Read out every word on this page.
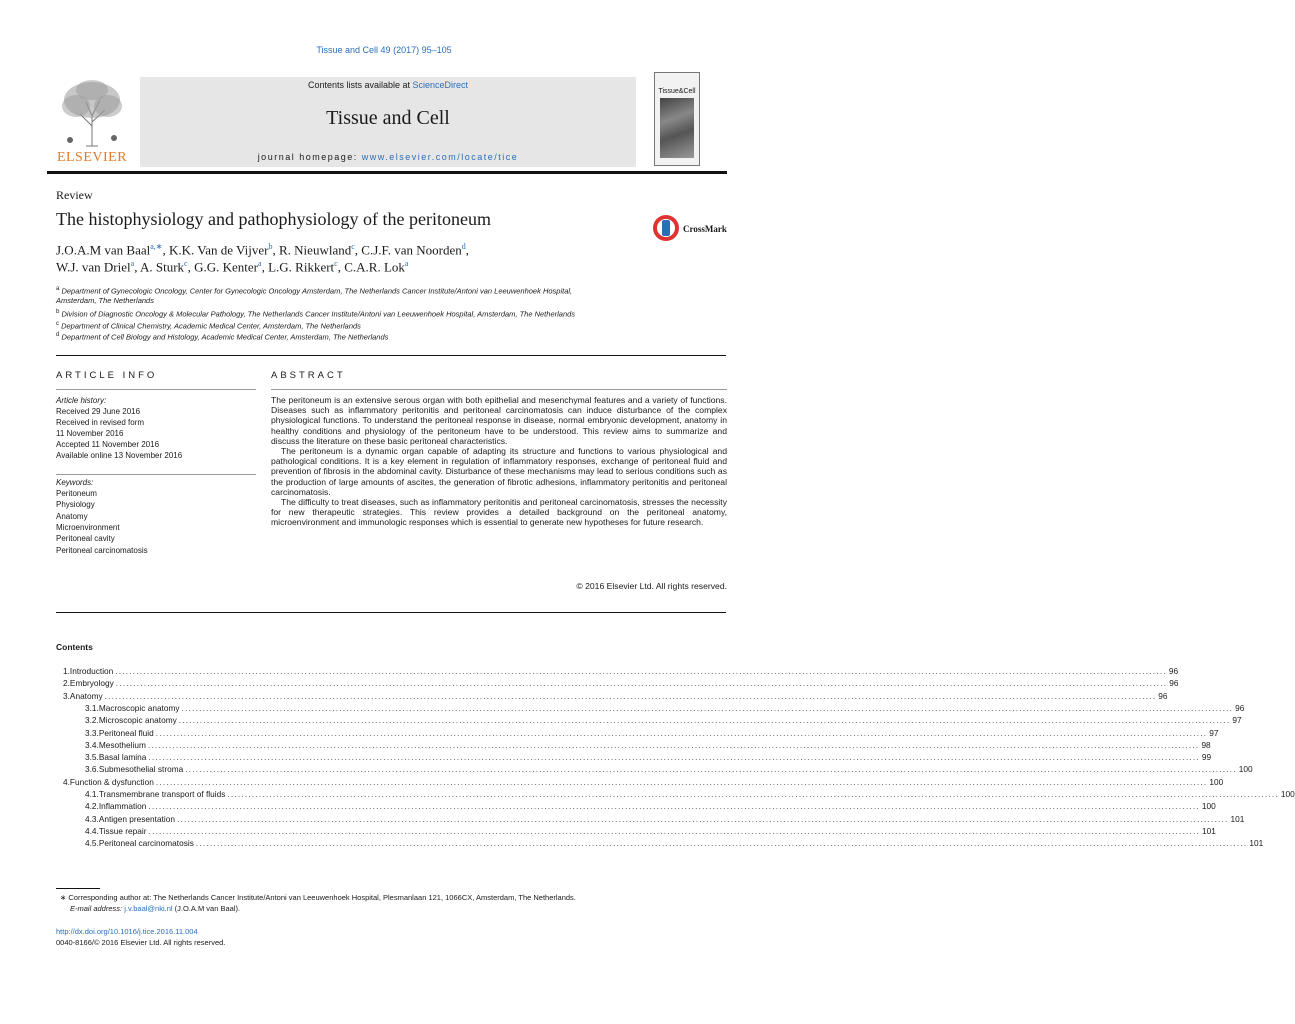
Tissue and Cell 49 (2017) 95–105
ELSEVIER
Contents lists available at ScienceDirect
Tissue and Cell
journal homepage: www.elsevier.com/locate/tice
Tissue&Cell
Review
The histophysiology and pathophysiology of the peritoneum	CrossMark
J.O.A.M van Baal$^{a,∗}$, K.K. Van de Vijver$^b$, R. Nieuwland$^c$, C.J.F. van Noorden$^d$,
W.J. van Driel$^a$, A. Sturk$^c$, G.G. Kenter$^a$, L.G. Rikkert$^c$, C.A.R. Lok$^a$
$^a$ Department of Gynecologic Oncology, Center for Gynecologic Oncology Amsterdam, The Netherlands Cancer Institute/Antoni van Leeuwenhoek Hospital,
Amsterdam, The Netherlands
$^b$ Division of Diagnostic Oncology & Molecular Pathology, The Netherlands Cancer Institute/Antoni van Leeuwenhoek Hospital, Amsterdam, The Netherlands
$^c$ Department of Clinical Chemistry, Academic Medical Center, Amsterdam, The Netherlands
$^d$ Department of Cell Biology and Histology, Academic Medical Center, Amsterdam, The Netherlands
ARTICLE INFO
Article history:
Received 29 June 2016
Received in revised form
11 November 2016
Accepted 11 November 2016
Available online 13 November 2016
Keywords:
Peritoneum
Physiology
Anatomy
Microenvironment
Peritoneal cavity
Peritoneal carcinomatosis
ABSTRACT

The peritoneum is an extensive serous organ with both epithelial and mesenchymal features and a variety of functions. Diseases such as inflammatory peritonitis and peritoneal carcinomatosis can induce disturbance of the complex physiological functions. To understand the peritoneal response in disease, normal embryonic development, anatomy in healthy conditions and physiology of the peritoneum have to be understood. This review aims to summarize and discuss the literature on these basic peritoneal characteristics.

The peritoneum is a dynamic organ capable of adapting its structure and functions to various physiological and pathological conditions. It is a key element in regulation of inflammatory responses, exchange of peritoneal fluid and prevention of fibrosis in the abdominal cavity. Disturbance of these mechanisms may lead to serious conditions such as the production of large amounts of ascites, the generation of fibrotic adhesions, inflammatory peritonitis and peritoneal carcinomatosis.

The difficulty to treat diseases, such as inflammatory peritonitis and peritoneal carcinomatosis, stresses the necessity for new therapeutic strategies. This review provides a detailed background on the peritoneal anatomy, microenvironment and immunologic responses which is essential to generate new hypotheses for future research.

© 2016 Elsevier Ltd. All rights reserved.
Contents
1. Introduction ............................................................................................................................................................................................................................................................................................................ 96
2. Embryology ............................................................................................................................................................................................................................................................................................................ 96
3. Anatomy ............................................................................................................................................................................................................................................................................................................ 96
3.1. Macroscopic anatomy ............................................................................................................................................................................................................................................................................................................ 96
3.2. Microscopic anatomy ............................................................................................................................................................................................................................................................................................................ 97
3.3. Peritoneal fluid ............................................................................................................................................................................................................................................................................................................ 97
3.4. Mesothelium ............................................................................................................................................................................................................................................................................................................ 98
3.5. Basal lamina ............................................................................................................................................................................................................................................................................................................ 99
3.6. Submesothelial stroma ............................................................................................................................................................................................................................................................................................................ 100
4. Function & dysfunction ............................................................................................................................................................................................................................................................................................................ 100
4.1. Transmembrane transport of fluids ............................................................................................................................................................................................................................................................................................................ 100
4.2. Inflammation ............................................................................................................................................................................................................................................................................................................ 100
4.3. Antigen presentation ............................................................................................................................................................................................................................................................................................................ 101
4.4. Tissue repair ............................................................................................................................................................................................................................................................................................................ 101
4.5. Peritoneal carcinomatosis ............................................................................................................................................................................................................................................................................................................ 101
∗ Corresponding author at: The Netherlands Cancer Institute/Antoni van Leeuwenhoek Hospital, Plesmanlaan 121, 1066CX, Amsterdam, The Netherlands.
E-mail address: j.v.baal@nki.nl (J.O.A.M van Baal).
http://dx.doi.org/10.1016/j.tice.2016.11.004
0040-8166/© 2016 Elsevier Ltd. All rights reserved.
